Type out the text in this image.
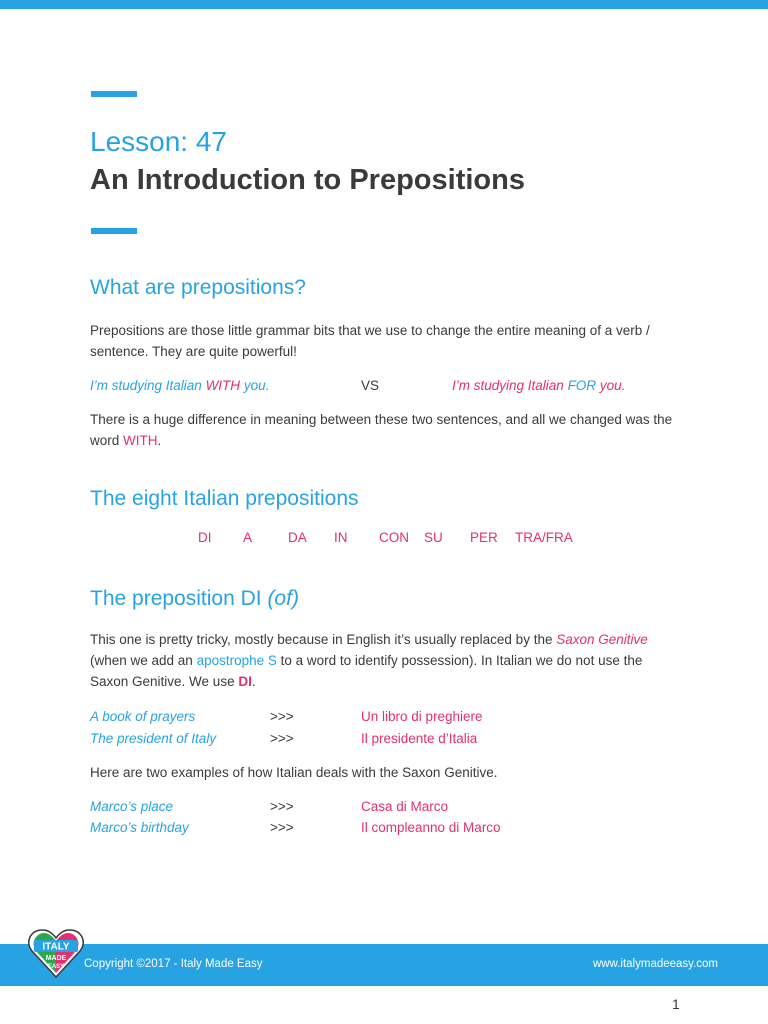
Lesson: 47
An Introduction to Prepositions
What are prepositions?
Prepositions are those little grammar bits that we use to change the entire meaning of a verb / sentence. They are quite powerful!
I’m studying Italian WITH you.	VS	I’m studying Italian FOR you.
There is a huge difference in meaning between these two sentences, and all we changed was the word WITH.
The eight Italian prepositions
DI A	DA IN CON SU PER TRA/FRA
The preposition DI (of)
This one is pretty tricky, mostly because in English it’s usually replaced by the Saxon Genitive (when we add an apostrophe S to a word to identify possession). In Italian we do not use the Saxon Genitive. We use DI.
A book of prayers	>>>	Un libro di preghiere
The president of Italy	>>>	Il presidente d’Italia
Here are two examples of how Italian deals with the Saxon Genitive.
Marco’s place	>>>	Casa di Marco
Marco’s birthday	>>>	Il compleanno di Marco
Copyright ©2017 - Italy Made Easy	www.italymadeeasy.com
ITALY
MADE
EASY
1
